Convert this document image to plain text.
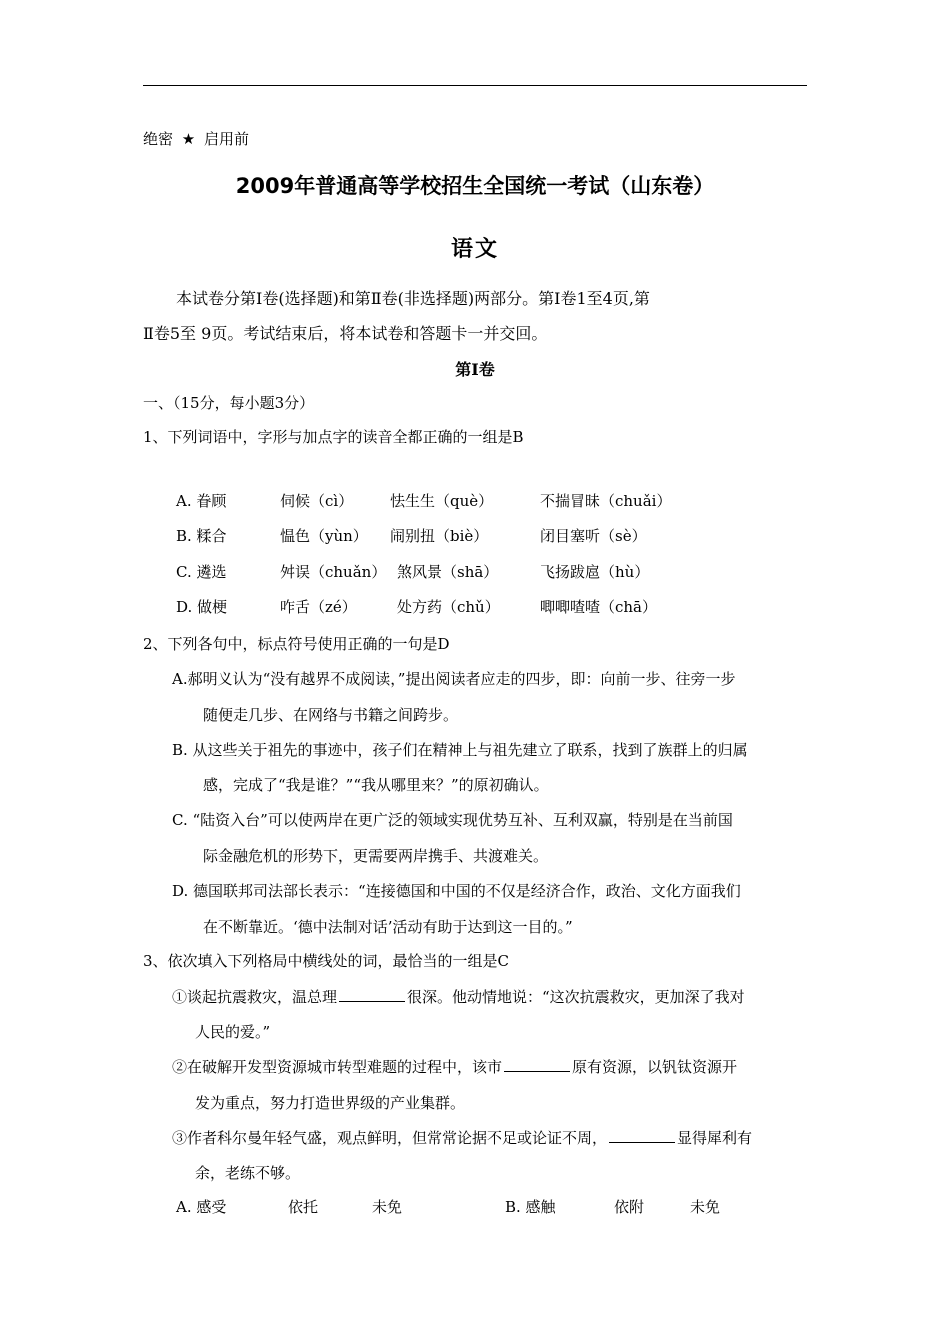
绝密 ★ 启用前
2009年普通高等学校招生全国统一考试（山东卷）
语文
本试卷分第Ⅰ卷(选择题)和第Ⅱ卷(非选择题)两部分。第Ⅰ卷1至4页,第
Ⅱ卷5至 9页。考试结束后，将本试卷和答题卡一并交回。
第Ⅰ卷
一、（15分，每小题3分）
1、下列词语中，字形与加点字的读音全都正确的一组是B
A. 眷顾	伺候（cì） 怯生生（què）	不揣冒昧（chuǎi）
B. 糅合	愠色（yùn） 闹别扭（biè）	闭目塞听（sè）
C. 遴选	舛误（chuǎn） 煞风景（shā）	飞扬跋扈（hù）
D. 做梗	咋舌（zé）	处方药（chǔ）	唧唧喳喳（chā）
2、下列各句中，标点符号使用正确的一句是D
A.郝明义认为“没有越界不成阅读，”提出阅读者应走的四步，即：向前一步、往旁一步
随便走几步、在网络与书籍之间跨步。
B. 从这些关于祖先的事迹中，孩子们在精神上与祖先建立了联系，找到了族群上的归属
感，完成了“我是谁？”“我从哪里来？”的原初确认。
C. “陆资入台”可以使两岸在更广泛的领域实现优势互补、互利双赢，特别是在当前国
际金融危机的形势下，更需要两岸携手、共渡难关。
D. 德国联邦司法部长表示：“连接德国和中国的不仅是经济合作，政治、文化方面我们
在不断靠近。‘德中法制对话’活动有助于达到这一目的。”
3、依次填入下列格局中横线处的词，最恰当的一组是C
①谈起抗震救灾，温总理	很深。他动情地说：“这次抗震救灾，更加深了我对
人民的爱。”
②在破解开发型资源城市转型难题的过程中，该市	原有资源，以钒钛资源开
发为重点，努力打造世界级的产业集群。
③作者科尔曼年轻气盛，观点鲜明，但常常论据不足或论证不周，	显得犀利有
余，老练不够。
A. 感受	依托	未免	B. 感触	依附	未免
